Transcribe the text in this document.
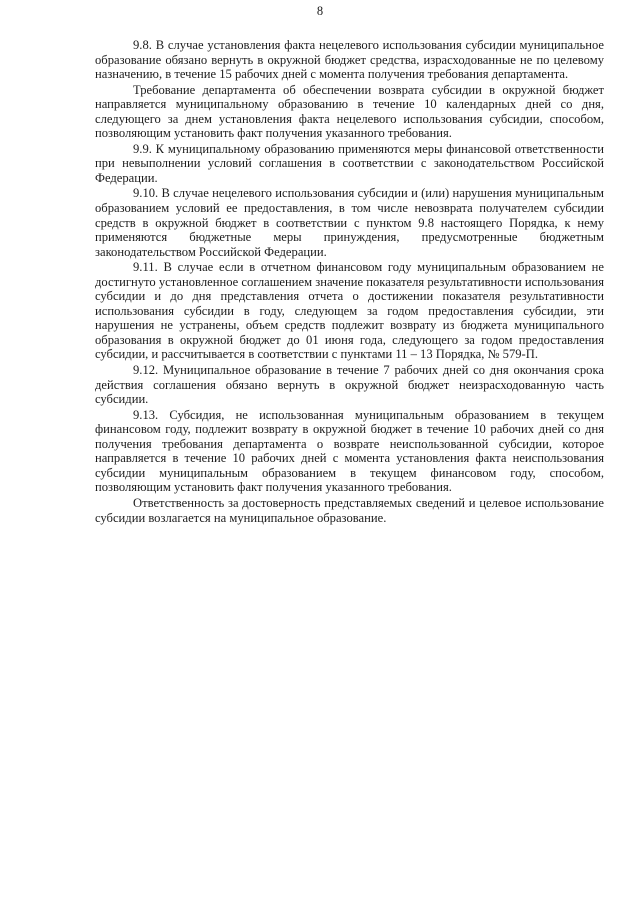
8

9.8. В случае установления факта нецелевого использования субсидии муниципальное образование обязано вернуть в окружной бюджет средства, израсходованные не по целевому назначению, в течение 15 рабочих дней с момента получения требования департамента.

Требование департамента об обеспечении возврата субсидии в окружной бюджет направляется муниципальному образованию в течение 10 календарных дней со дня, следующего за днем установления факта нецелевого использования субсидии, способом, позволяющим установить факт получения указанного требования.

9.9. К муниципальному образованию применяются меры финансовой ответственности при невыполнении условий соглашения в соответствии с законодательством Российской Федерации.

9.10. В случае нецелевого использования субсидии и (или) нарушения муниципальным образованием условий ее предоставления, в том числе невозврата получателем субсидии средств в окружной бюджет в соответствии с пунктом 9.8 настоящего Порядка, к нему применяются бюджетные меры принуждения, предусмотренные бюджетным законодательством Российской Федерации.

9.11. В случае если в отчетном финансовом году муниципальным образованием не достигнуто установленное соглашением значение показателя результативности использования субсидии и до дня представления отчета о достижении показателя результативности использования субсидии в году, следующем за годом предоставления субсидии, эти нарушения не устранены, объем средств подлежит возврату из бюджета муниципального образования в окружной бюджет до 01 июня года, следующего за годом предоставления субсидии, и рассчитывается в соответствии с пунктами 11 – 13 Порядка, № 579-П.

9.12. Муниципальное образование в течение 7 рабочих дней со дня окончания срока действия соглашения обязано вернуть в окружной бюджет неизрасходованную часть субсидии.

9.13. Субсидия, не использованная муниципальным образованием в текущем финансовом году, подлежит возврату в окружной бюджет в течение 10 рабочих дней со дня получения требования департамента о возврате неиспользованной субсидии, которое направляется в течение 10 рабочих дней с момента установления факта неиспользования субсидии муниципальным образованием в текущем финансовом году, способом, позволяющим установить факт получения указанного требования.

Ответственность за достоверность представляемых сведений и целевое использование субсидии возлагается на муниципальное образование.
